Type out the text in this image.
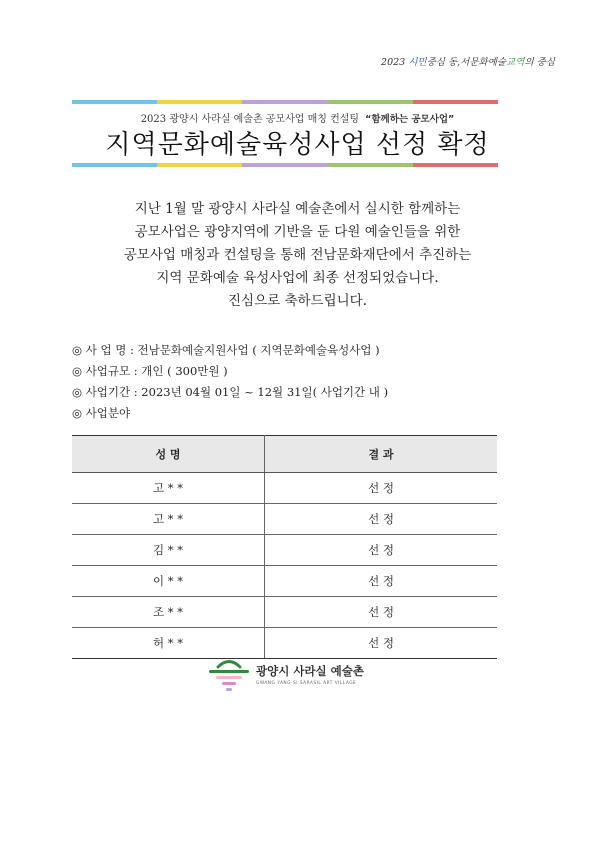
2023 시민중심 동,서문화예술교역의 중심
2023 광양시 사라실 예술촌 공모사업 매칭 컨설팅 “함께하는 공모사업”
지역문화예술육성사업 선정 확정

지난 1월 말 광양시 사라실 예술촌에서 실시한 함께하는

공모사업은 광양지역에 기반을 둔 다원 예술인들을 위한

공모사업 매칭과 컨설팅을 통해 전남문화재단에서 추진하는

지역 문화예술 육성사업에 최종 선정되었습니다.

진심으로 축하드립니다.

◎ 사 업 명 : 전남문화예술지원사업 ( 지역문화예술육성사업 )
◎ 사업규모 : 개인 ( 300만원 )
◎ 사업기간 : 2023년 04월 01일 ~ 12월 31일( 사업기간 내 )
◎ 사업분야
성 명	결 과
고 * *	선 정
고 * *	선 정
김 * *	선 정
이 * *	선 정
조 * *	선 정
허 * *	선 정
광양시 사라실 예술촌
GWANG YANG-SI SARASIL ART VILLAGE
